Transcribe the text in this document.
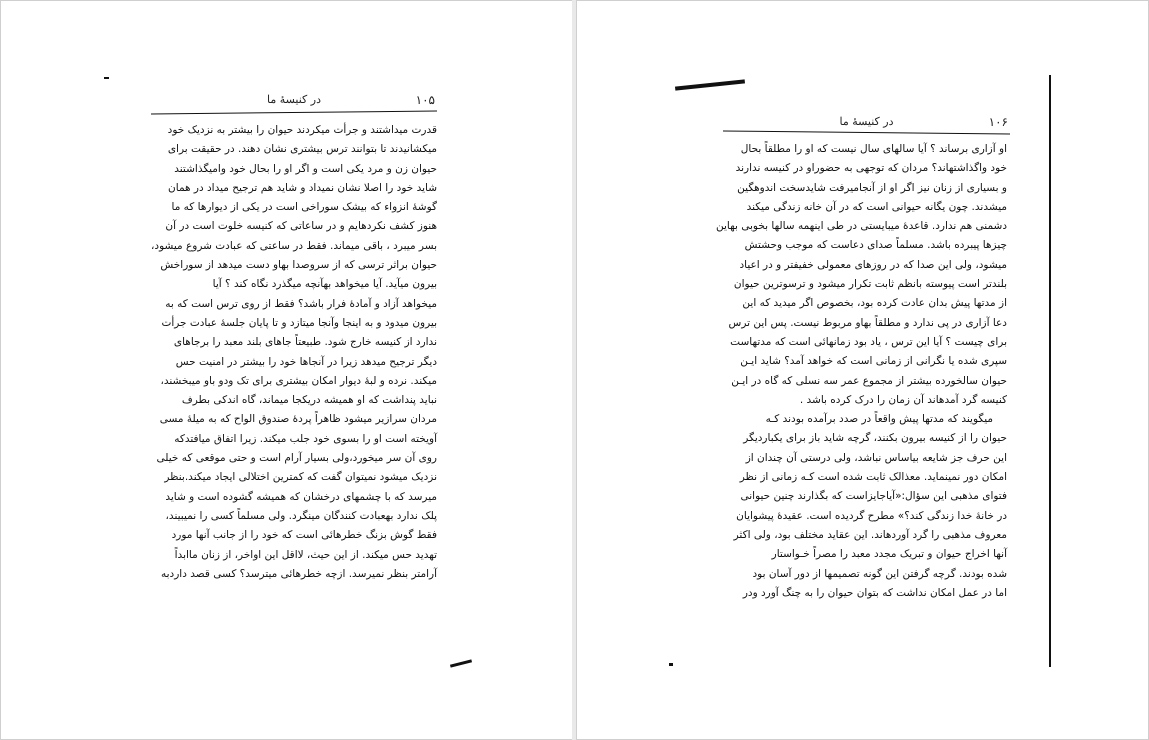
۱۰۵
در کنیسهٔ ما

قدرت میداشتند و جرأت میکردند حیوان را بیشتر به نزدیک خود

میکشانیدند تا بتوانند ترس بیشتری نشان دهند. در حقیقت برای

حیوان زن و مرد یکی است و اگر او را بحال خود وامیگذاشتند

شاید خود را اصلا نشان نمیداد و شاید هم ترجیح میداد در همان

گوشهٔ انزواء که بیشک سوراخی است در یکی از دیوارها که ما

هنوز کشف نکردهایم و در ساعاتی که کنیسه خلوت است در آن

بسر میبرد ، باقی میماند. فقط در ساعتی که عبادت شروع میشود،

حیوان براثر ترسی که از سروصدا بهاو دست میدهد از سوراخش

بیرون میآید. آیا میخواهد بهآنچه میگذرد نگاه کند ؟ آیا

میخواهد آزاد و آمادهٔ فرار باشد؟ فقط از روی ترس است که به

بیرون میدود و به اینجا وآنجا میتازد و تا پایان جلسهٔ عبادت جرأت

ندارد از کنیسه خارج شود. طبیعتاً جاهای بلند معبد را برجاهای

دیگر ترجیح میدهد زیرا در آنجاها خود را بیشتر در امنیت حس

میکند. نرده و لبهٔ دیوار امکان بیشتری برای تک ودو باو میبخشند،

نباید پنداشت که او همیشه دریکجا میماند، گاه اندکی بطرف

مردان سرازیر میشود ظاهراً پردهٔ صندوق الواح که به میلهٔ مسی

آویخته است او را بسوی خود جلب میکند. زیرا اتفاق میافتدکه

روی آن سر میخورد،ولی بسیار آرام است و حتی موقعی که خیلی

نزدیک میشود نمیتوان گفت که کمترین اختلالی ایجاد میکند.بنظر

میرسد که با چشمهای درخشان که همیشه گشوده است و شاید

پلک ندارد بهعبادت کنندگان مینگرد. ولی مسلماً کسی را نمیبیند،

فقط گوش بزنگ خطرهائی است که خود را از جانب آنها مورد

تهدید حس میکند. از این حیث، لااقل این اواخر، از زنان ماابداً

آرامتر بنظر نمیرسد. ازچه خطرهائی میترسد؟ کسی قصد داردبه

۱۰۶
در کنیسهٔ ما

او آزاری برساند ؟ آیا سالهای سال نیست که او را مطلقاً بحال

خود واگذاشتهاند؟ مردان که توجهی به حضوراو در کنیسه ندارند

و بسیاری از زنان نیز اگر او از آنجامیرفت شایدسخت اندوهگین

میشدند. چون یگانه حیوانی است که در آن خانه زندگی میکند

دشمنی هم ندارد. قاعدهٔ میبایستی در طی اینهمه سالها بخوبی بهاین

چیزها پیبرده باشد. مسلماً صدای دعاست که موجب وحشتش

میشود، ولی این صدا که در روزهای معمولی خفیفتر و در اعیاد

بلندتر است پیوسته بانظم ثابت تکرار میشود و ترسوترین حیوان

از مدتها پیش بدان عادت کرده بود، بخصوص اگر میدید که این

دعا آزاری در پی ندارد و مطلقاً بهاو مربوط نیست. پس این ترس

برای چیست ؟ آیا این ترس ، یاد بود زمانهائی است که مدتهاست

سپری شده یا نگرانی از زمانی است که خواهد آمد؟ شاید ایـن

حیوان سالخورده بیشتر از مجموع عمر سه نسلی که گاه در ایـن

کنیسه گرد آمدهاند آن زمان را درک کرده باشد .

میگویند که مدتها پیش واقعاً در صدد برآمده بودند کـه

حیوان را از کنیسه بیرون بکنند، گرچه شاید باز برای یکباردیگر

این حرف جز شایعه بیاساس نباشد، ولی درستی آن چندان از

امکان دور نمینماید. معذالک ثابت شده است کـه زمانی از نظر

فتوای مذهبی این سؤال:«آیاجایزاست که بگذارند چنین حیوانی

در خانهٔ خدا زندگی کند؟» مطرح گردیده است. عقیدهٔ پیشوایان

معروف مذهبی را گرد آوردهاند. این عقاید مختلف بود، ولی اکثر

آنها اخراج حیوان و تبریک مجدد معبد را مصراً خـواستار

شده بودند. گرچه گرفتن این گونه تصمیمها از دور آسان بود

اما در عمل امکان نداشت که بتوان حیوان را به چنگ آورد ودر
